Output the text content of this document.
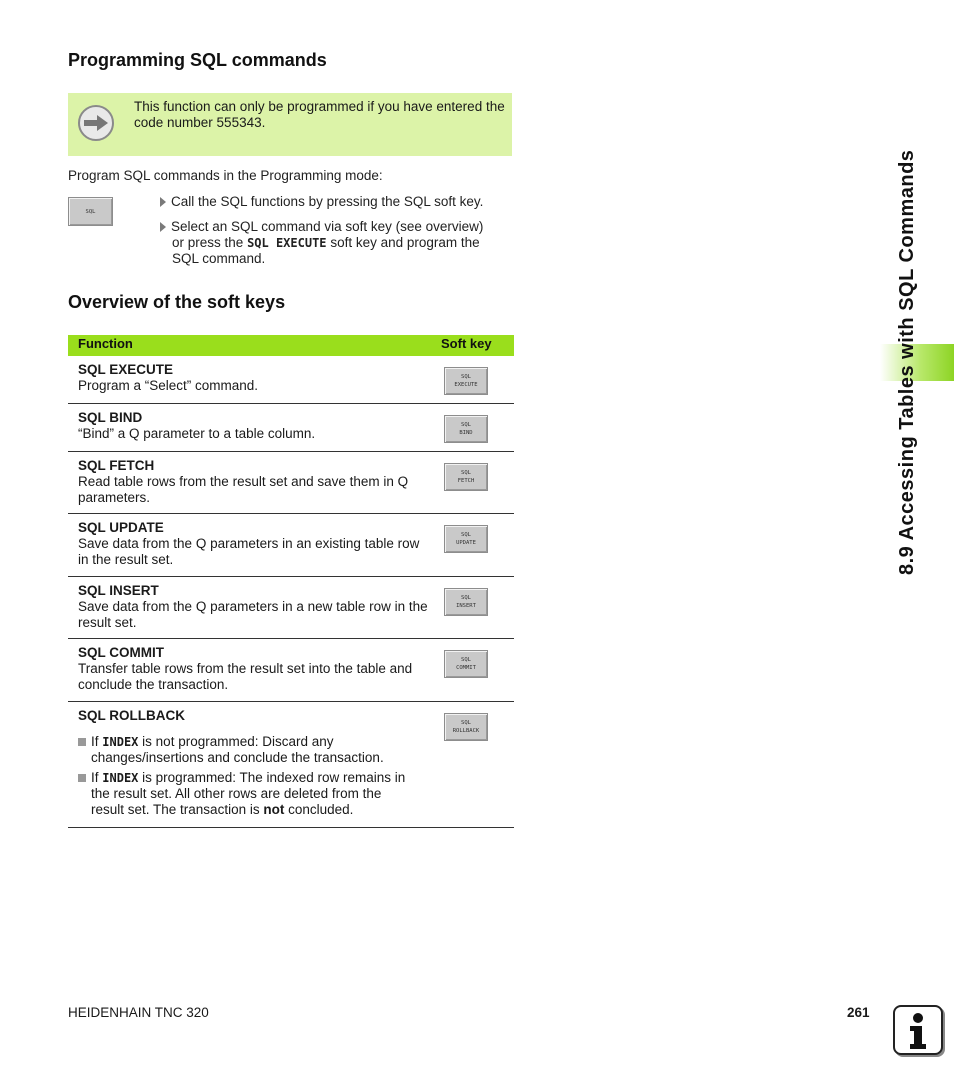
Programming SQL commands
This function can only be programmed if you have entered the code number 555343.
Program SQL commands in the Programming mode:
SQL
Call the SQL functions by pressing the SQL soft key.
Select an SQL command via soft key (see overview)
or press the SQL EXECUTE soft key and program the
SQL command.
Overview of the soft keys
Function	Soft key
SQL EXECUTE
Program a “Select” command.
SQL
EXECUTE
SQL BIND
“Bind” a Q parameter to a table column.
SQL
BIND
SQL FETCH
Read table rows from the result set and save them in Q parameters.
SQL
FETCH
SQL UPDATE
Save data from the Q parameters in an existing table row in the result set.
SQL
UPDATE
SQL INSERT
Save data from the Q parameters in a new table row in the result set.
SQL
INSERT
SQL COMMIT
Transfer table rows from the result set into the table and conclude the transaction.
SQL
COMMIT
SQL ROLLBACK
If INDEX is not programmed: Discard any
changes/insertions and conclude the transaction.
If INDEX is programmed: The indexed row remains in
the result set. All other rows are deleted from the
result set. The transaction is not concluded.
SQL
ROLLBACK
8.9 Accessing Tables with SQL Commands
HEIDENHAIN TNC 320	261
